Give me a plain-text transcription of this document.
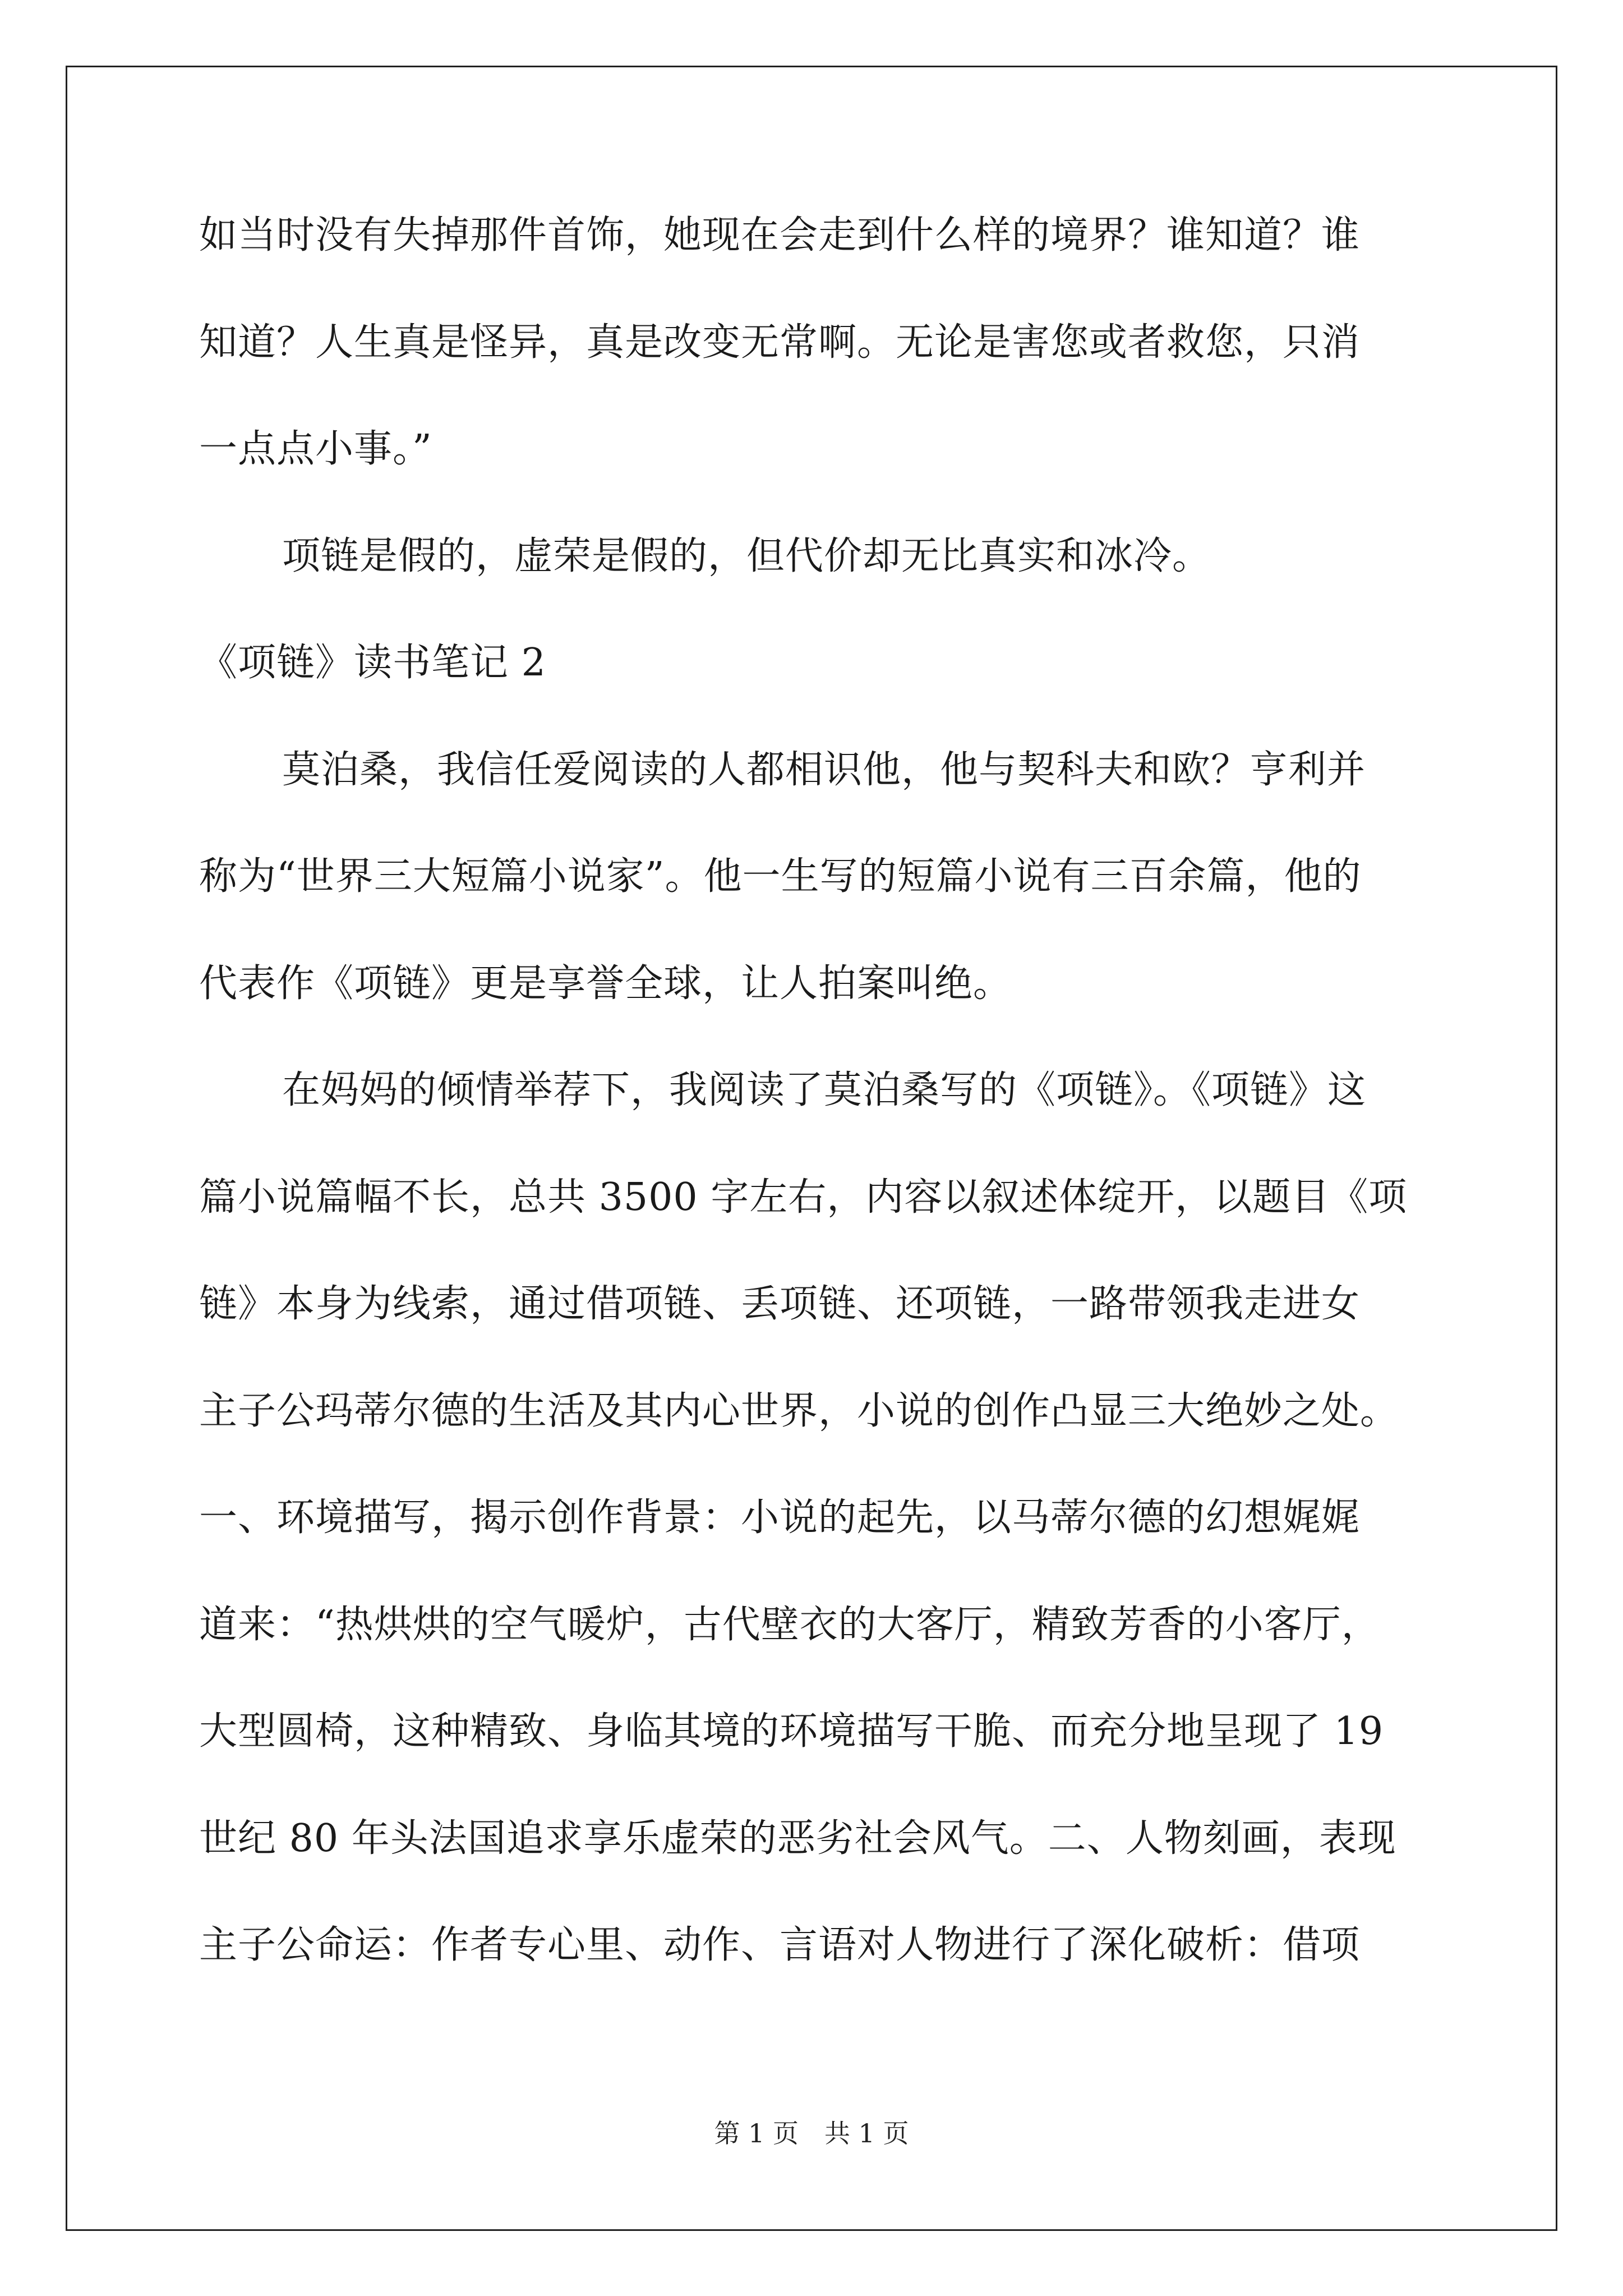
如当时没有失掉那件首饰，她现在会走到什么样的境界？谁知道？谁
知道？人生真是怪异，真是改变无常啊。无论是害您或者救您，只消
一点点小事。”
项链是假的，虚荣是假的，但代价却无比真实和冰冷。
《项链》读书笔记 2
莫泊桑，我信任爱阅读的人都相识他，他与契科夫和欧？亨利并
称为“世界三大短篇小说家”。他一生写的短篇小说有三百余篇，他的
代表作《项链》更是享誉全球，让人拍案叫绝。
在妈妈的倾情举荐下，我阅读了莫泊桑写的《项链》。《项链》这
篇小说篇幅不长，总共 3500 字左右，内容以叙述体绽开，以题目《项
链》本身为线索，通过借项链、丢项链、还项链，一路带领我走进女
主子公玛蒂尔德的生活及其内心世界，小说的创作凸显三大绝妙之处。
一、环境描写，揭示创作背景：小说的起先，以马蒂尔德的幻想娓娓
道来：“热烘烘的空气暖炉，古代壁衣的大客厅，精致芳香的小客厅，
大型圆椅，这种精致、身临其境的环境描写干脆、而充分地呈现了 19
世纪 80 年头法国追求享乐虚荣的恶劣社会风气。二、人物刻画，表现
主子公命运：作者专心里、动作、言语对人物进行了深化破析：借项
第 1 页　共 1 页
